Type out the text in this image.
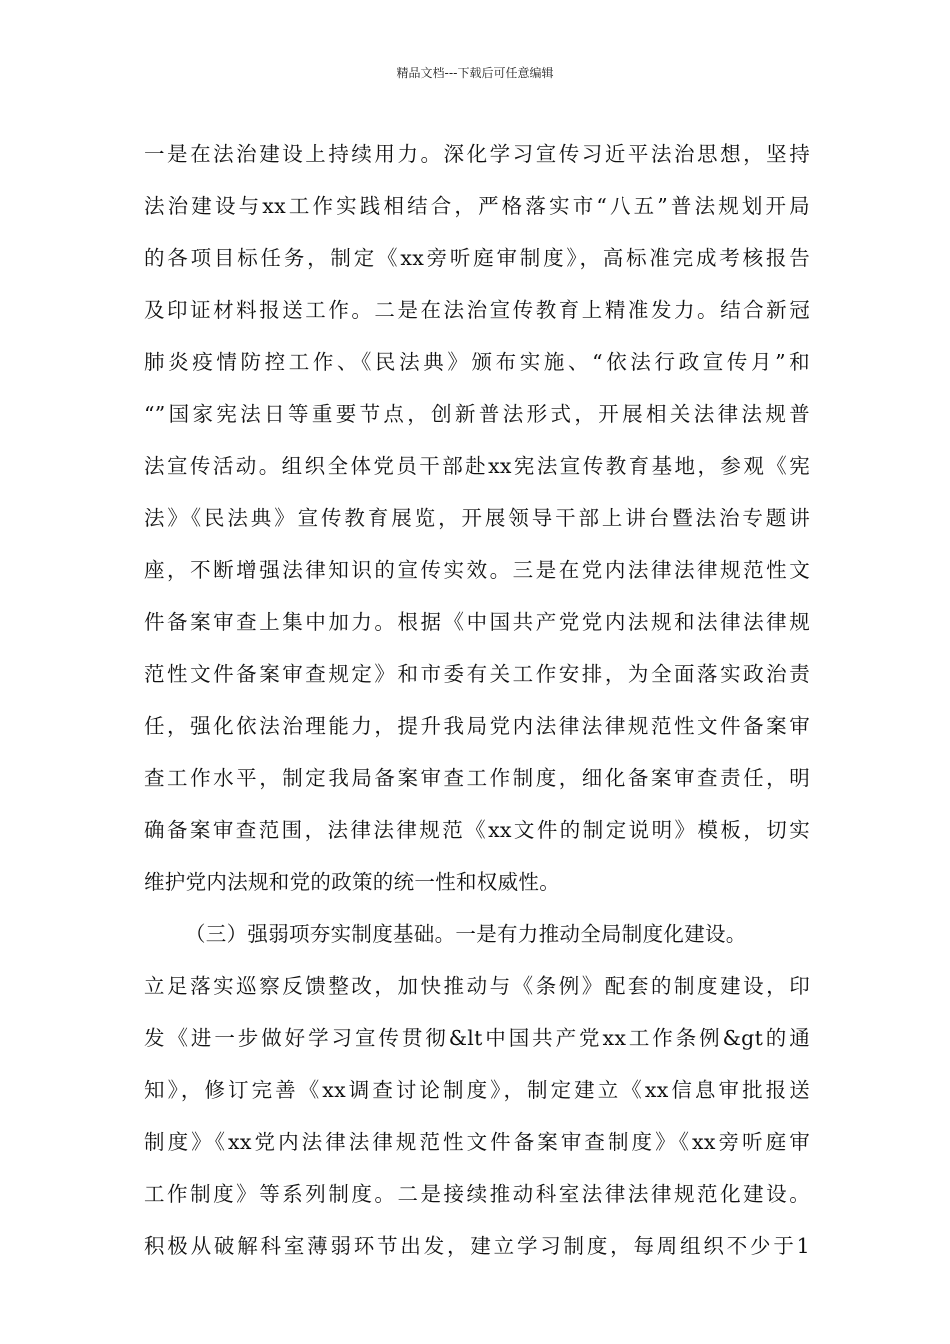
精品文档---下载后可任意编辑
一是在法治建设上持续用力。深化学习宣传习近平法治思想，坚持
法治建设与xx工作实践相结合，严格落实市“八五”普法规划开局
的各项目标任务，制定《xx旁听庭审制度》，高标准完成考核报告
及印证材料报送工作。二是在法治宣传教育上精准发力。结合新冠
肺炎疫情防控工作、《民法典》颁布实施、“依法行政宣传月”和
“”国家宪法日等重要节点，创新普法形式，开展相关法律法规普
法宣传活动。组织全体党员干部赴xx宪法宣传教育基地，参观《宪
法》《民法典》宣传教育展览，开展领导干部上讲台暨法治专题讲
座，不断增强法律知识的宣传实效。三是在党内法律法律规范性文
件备案审查上集中加力。根据《中国共产党党内法规和法律法律规
范性文件备案审查规定》和市委有关工作安排，为全面落实政治责
任，强化依法治理能力，提升我局党内法律法律规范性文件备案审
查工作水平，制定我局备案审查工作制度，细化备案审查责任，明
确备案审查范围，法律法律规范《xx文件的制定说明》模板，切实
维护党内法规和党的政策的统一性和权威性。
（三）强弱项夯实制度基础。一是有力推动全局制度化建设。
立足落实巡察反馈整改，加快推动与《条例》配套的制度建设，印
发《进一步做好学习宣传贯彻&lt中国共产党xx工作条例&gt的通
知》，修订完善《xx调查讨论制度》，制定建立《xx信息审批报送
制度》《xx党内法律法律规范性文件备案审查制度》《xx旁听庭审
工作制度》等系列制度。二是接续推动科室法律法律规范化建设。
积极从破解科室薄弱环节出发，建立学习制度，每周组织不少于1
